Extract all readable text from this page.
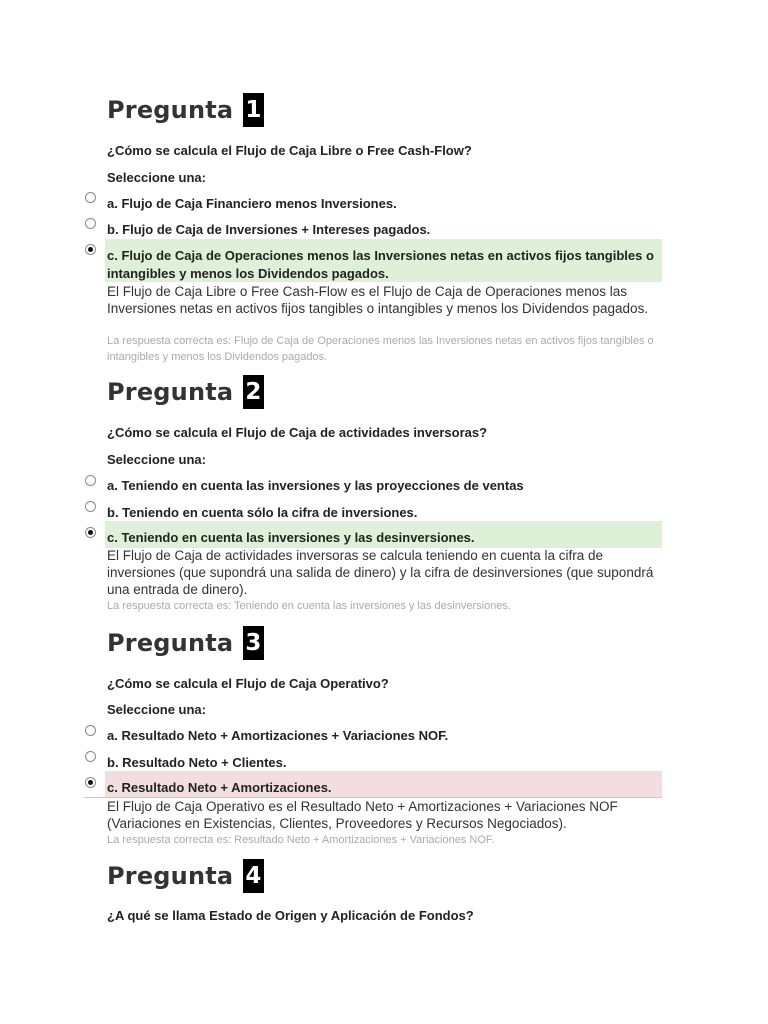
Pregunta 1
¿Cómo se calcula el Flujo de Caja Libre o Free Cash-Flow?
Seleccione una:
a. Flujo de Caja Financiero menos Inversiones.
b. Flujo de Caja de Inversiones + Intereses pagados.
c. Flujo de Caja de Operaciones menos las Inversiones netas en activos fijos tangibles o intangibles y menos los Dividendos pagados.
El Flujo de Caja Libre o Free Cash-Flow es el Flujo de Caja de Operaciones menos las Inversiones netas en activos fijos tangibles o intangibles y menos los Dividendos pagados.
La respuesta correcta es: Flujo de Caja de Operaciones menos las Inversiones netas en activos fijos tangibles o intangibles y menos los Dividendos pagados.
Pregunta 2
¿Cómo se calcula el Flujo de Caja de actividades inversoras?
Seleccione una:
a. Teniendo en cuenta las inversiones y las proyecciones de ventas
b. Teniendo en cuenta sólo la cifra de inversiones.
c. Teniendo en cuenta las inversiones y las desinversiones.
El Flujo de Caja de actividades inversoras se calcula teniendo en cuenta la cifra de inversiones (que supondrá una salida de dinero) y la cifra de desinversiones (que supondrá una entrada de dinero).
La respuesta correcta es: Teniendo en cuenta las inversiones y las desinversiones.
Pregunta 3
¿Cómo se calcula el Flujo de Caja Operativo?
Seleccione una:
a. Resultado Neto + Amortizaciones + Variaciones NOF.
b. Resultado Neto + Clientes.
c. Resultado Neto + Amortizaciones.
El Flujo de Caja Operativo es el Resultado Neto + Amortizaciones + Variaciones NOF (Variaciones en Existencias, Clientes, Proveedores y Recursos Negociados).
La respuesta correcta es: Resultado Neto + Amortizaciones + Variaciones NOF.
Pregunta 4
¿A qué se llama Estado de Origen y Aplicación de Fondos?
